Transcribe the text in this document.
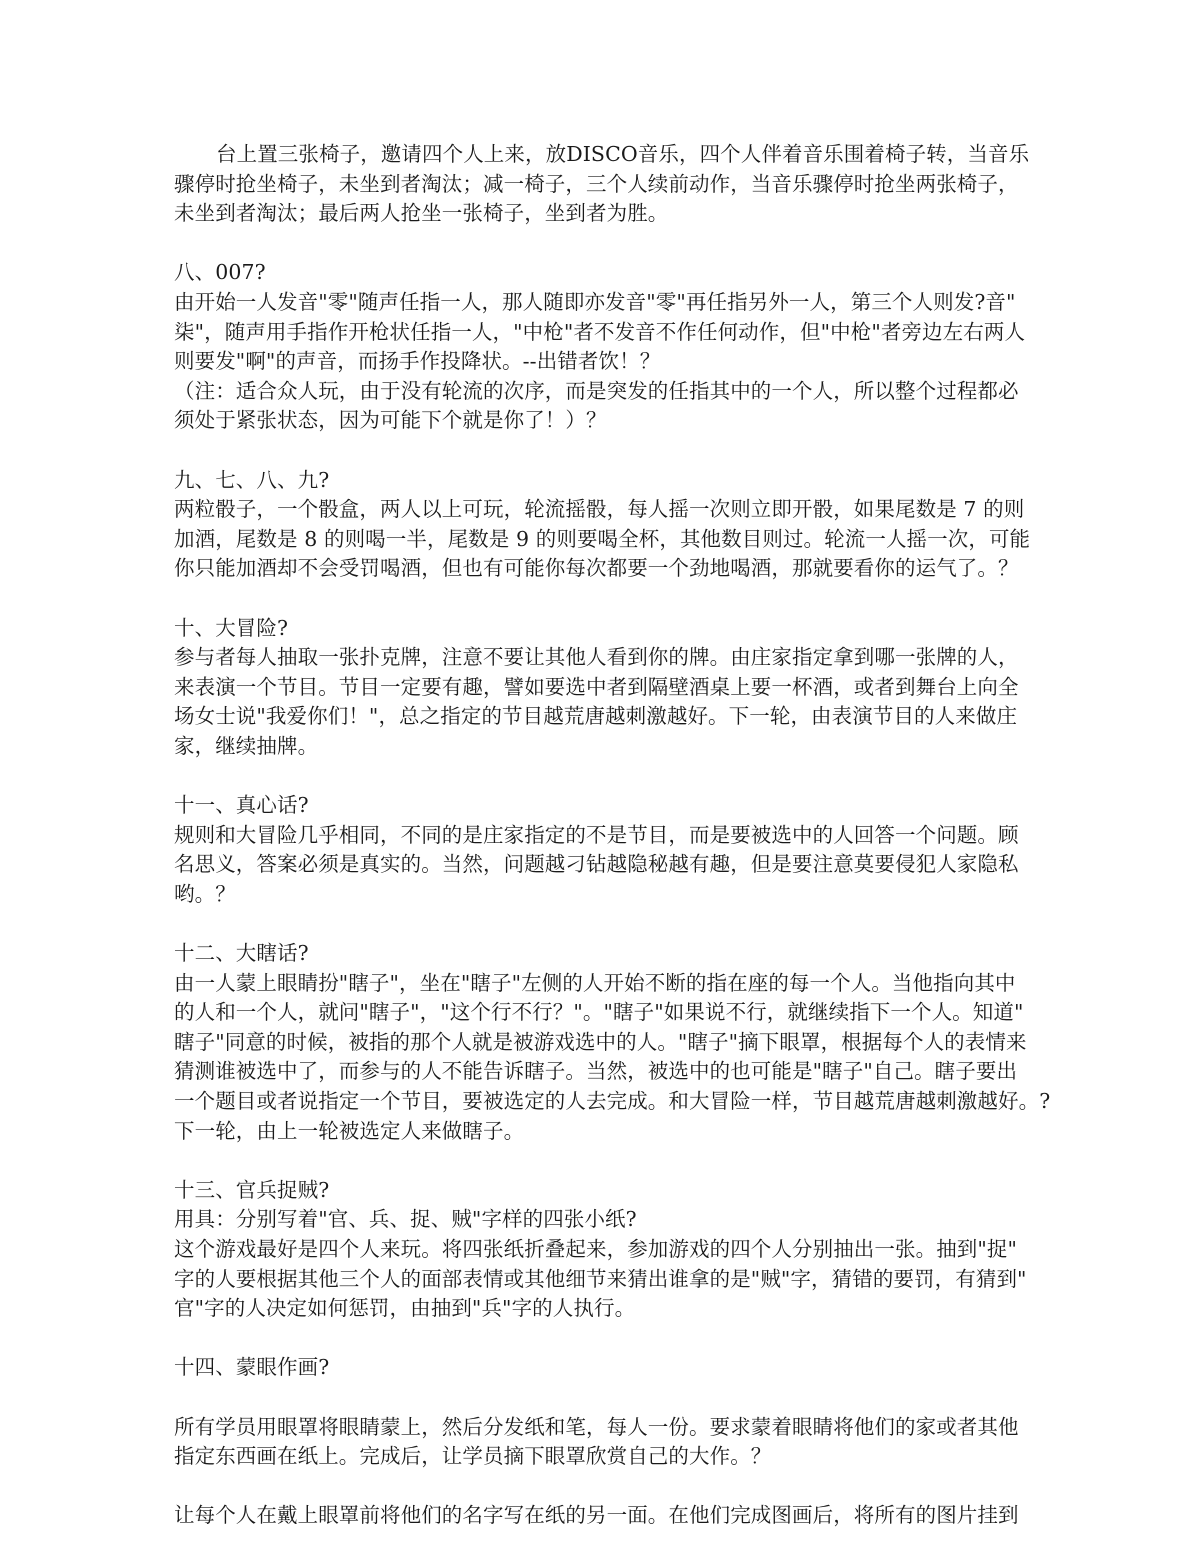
台上置三张椅子，邀请四个人上来，放DISCO音乐，四个人伴着音乐围着椅子转，当音乐
骤停时抢坐椅子，未坐到者淘汰；减一椅子，三个人续前动作，当音乐骤停时抢坐两张椅子，
未坐到者淘汰；最后两人抢坐一张椅子，坐到者为胜。
八、007?
由开始一人发音"零"随声任指一人，那人随即亦发音"零"再任指另外一人，第三个人则发?音"
柒"，随声用手指作开枪状任指一人，"中枪"者不发音不作任何动作，但"中枪"者旁边左右两人
则要发"啊"的声音，而扬手作投降状。--出错者饮！？
（注：适合众人玩，由于没有轮流的次序，而是突发的任指其中的一个人，所以整个过程都必
须处于紧张状态，因为可能下个就是你了！）？
九、七、八、九?
两粒骰子，一个骰盒，两人以上可玩，轮流摇骰，每人摇一次则立即开骰，如果尾数是 7 的则
加酒，尾数是 8 的则喝一半，尾数是 9 的则要喝全杯，其他数目则过。轮流一人摇一次，可能
你只能加酒却不会受罚喝酒，但也有可能你每次都要一个劲地喝酒，那就要看你的运气了。？
十、大冒险?
参与者每人抽取一张扑克牌，注意不要让其他人看到你的牌。由庄家指定拿到哪一张牌的人，
来表演一个节目。节目一定要有趣，譬如要选中者到隔壁酒桌上要一杯酒，或者到舞台上向全
场女士说"我爱你们！"，总之指定的节目越荒唐越刺激越好。下一轮，由表演节目的人来做庄
家，继续抽牌。
十一、真心话?
规则和大冒险几乎相同，不同的是庄家指定的不是节目，而是要被选中的人回答一个问题。顾
名思义，答案必须是真实的。当然，问题越刁钻越隐秘越有趣，但是要注意莫要侵犯人家隐私
哟。？
十二、大瞎话?
由一人蒙上眼睛扮"瞎子"，坐在"瞎子"左侧的人开始不断的指在座的每一个人。当他指向其中
的人和一个人，就问"瞎子"，"这个行不行？"。"瞎子"如果说不行，就继续指下一个人。知道"
瞎子"同意的时候，被指的那个人就是被游戏选中的人。"瞎子"摘下眼罩，根据每个人的表情来
猜测谁被选中了，而参与的人不能告诉瞎子。当然，被选中的也可能是"瞎子"自己。瞎子要出
一个题目或者说指定一个节目，要被选定的人去完成。和大冒险一样，节目越荒唐越刺激越好。?
下一轮，由上一轮被选定人来做瞎子。
十三、官兵捉贼?
用具：分别写着"官、兵、捉、贼"字样的四张小纸?
这个游戏最好是四个人来玩。将四张纸折叠起来，参加游戏的四个人分别抽出一张。抽到"捉"
字的人要根据其他三个人的面部表情或其他细节来猜出谁拿的是"贼"字，猜错的要罚，有猜到"
官"字的人决定如何惩罚，由抽到"兵"字的人执行。
十四、蒙眼作画?
所有学员用眼罩将眼睛蒙上，然后分发纸和笔，每人一份。要求蒙着眼睛将他们的家或者其他
指定东西画在纸上。完成后，让学员摘下眼罩欣赏自己的大作。？
让每个人在戴上眼罩前将他们的名字写在纸的另一面。在他们完成图画后，将所有的图片挂到
